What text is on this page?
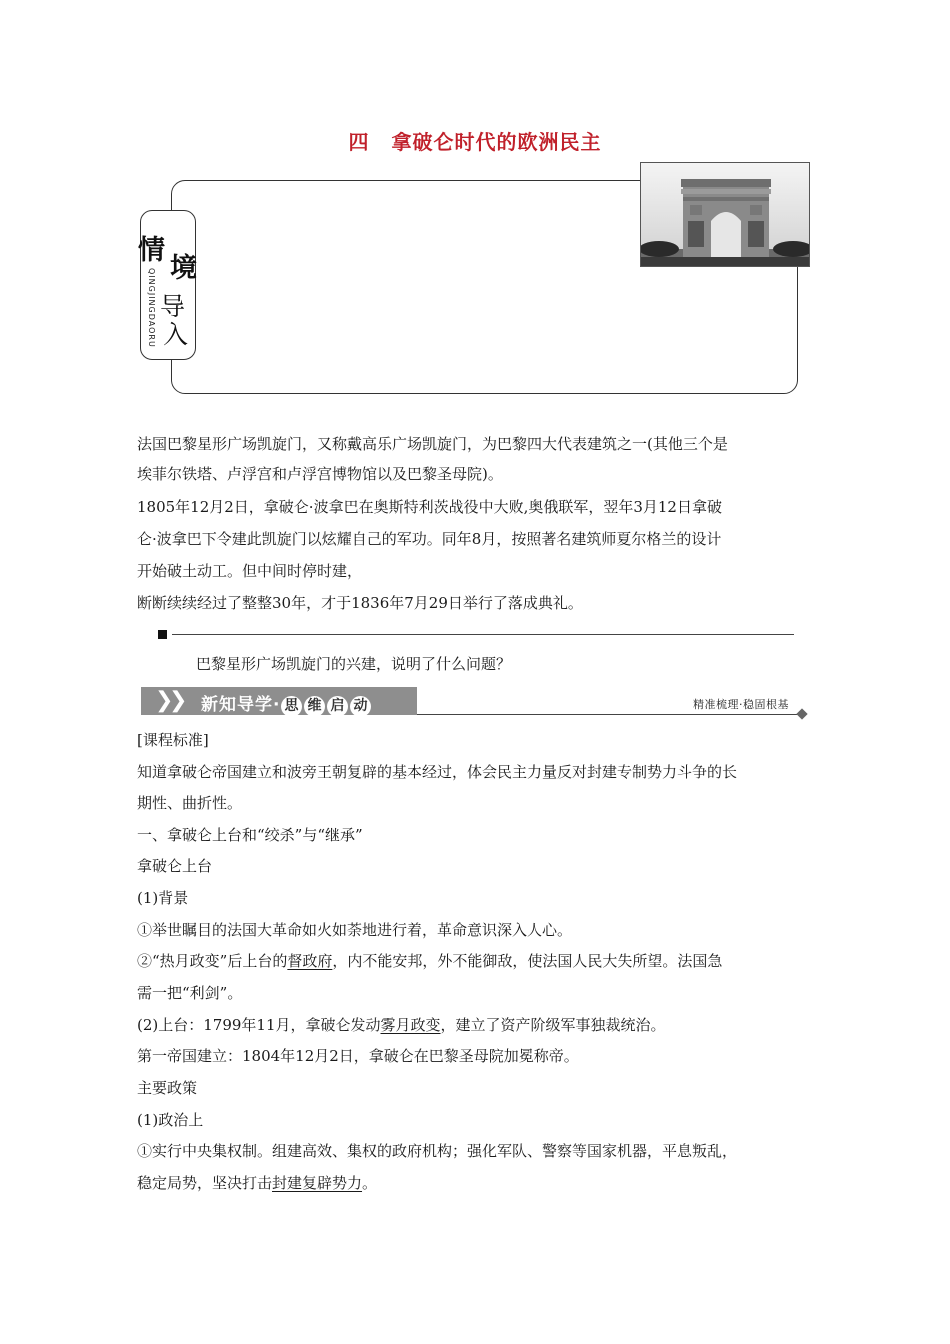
四 拿破仑时代的欧洲民主
情
境
导
入
QINGJINGDAORU
法国巴黎星形广场凯旋门，又称戴高乐广场凯旋门，为巴黎四大代表建筑之一(其他三个是
埃菲尔铁塔、卢浮宫和卢浮宫博物馆以及巴黎圣母院)。
1805年12月2日，拿破仑·波拿巴在奥斯特利茨战役中大败,奥俄联军，翌年3月12日拿破
仑·波拿巴下令建此凯旋门以炫耀自己的军功。同年8月，按照著名建筑师夏尔格兰的设计
开始破土动工。但中间时停时建，
断断续续经过了整整30年，才于1836年7月29日举行了落成典礼。
巴黎星形广场凯旋门的兴建，说明了什么问题？
❯
❯ 新知导学· 思 维 启 动	精准梳理·稳固根基
[课程标准]
知道拿破仑帝国建立和波旁王朝复辟的基本经过，体会民主力量反对封建专制势力斗争的长
期性、曲折性。
一、拿破仑上台和“绞杀”与“继承”
拿破仑上台
(1)背景
①举世瞩目的法国大革命如火如荼地进行着，革命意识深入人心。
②“热月政变”后上台的督政府，内不能安邦，外不能御敌，使法国人民大失所望。法国急
需一把“利剑”。
(2)上台：1799年11月，拿破仑发动雾月政变，建立了资产阶级军事独裁统治。
第一帝国建立：1804年12月2日，拿破仑在巴黎圣母院加冕称帝。
主要政策
(1)政治上
①实行中央集权制。组建高效、集权的政府机构；强化军队、警察等国家机器，平息叛乱，
稳定局势，坚决打击封建复辟势力。
